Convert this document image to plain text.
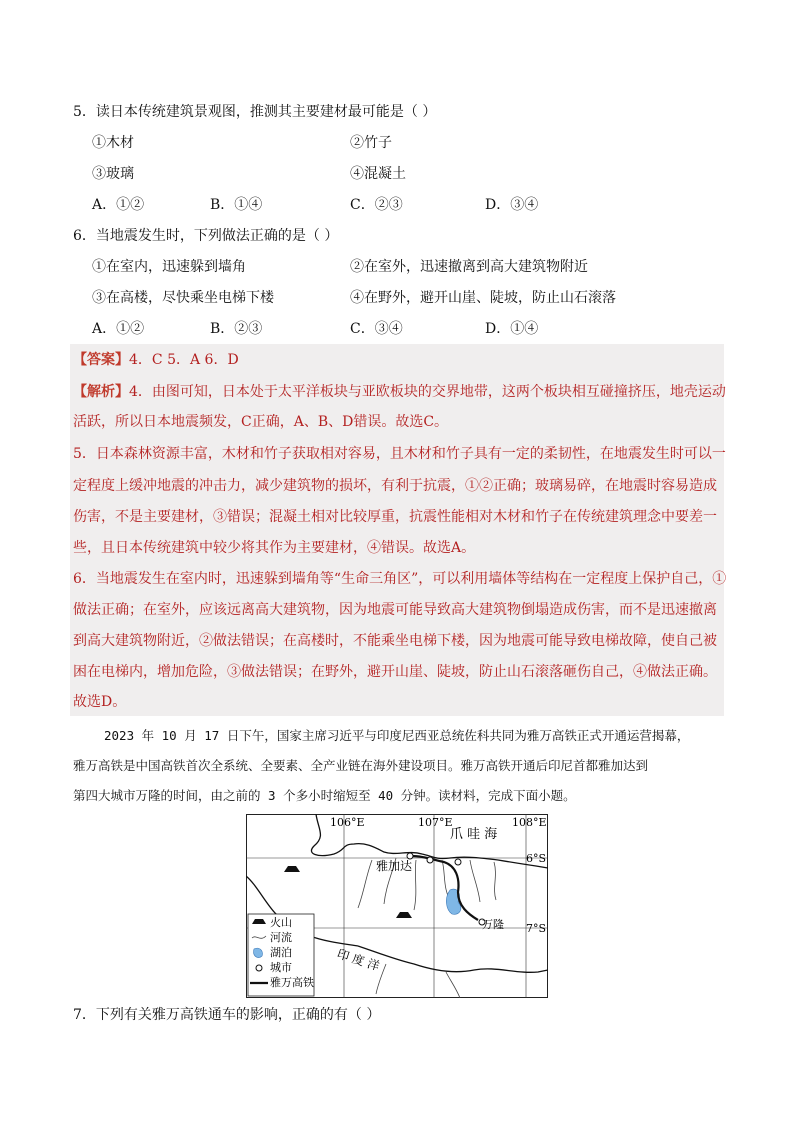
5．读日本传统建筑景观图，推测其主要建材最可能是（ ）
①木材	②竹子
③玻璃	④混凝土
A．①②	B．①④	C．②③	D．③④
6．当地震发生时，下列做法正确的是（ ）
①在室内，迅速躲到墙角	②在室外，迅速撤离到高大建筑物附近
③在高楼，尽快乘坐电梯下楼	④在野外，避开山崖、陡坡，防止山石滚落
A．①②	B．②③	C．③④	D．①④
【答案】4．C 5．A 6．D
【解析】4．由图可知，日本处于太平洋板块与亚欧板块的交界地带，这两个板块相互碰撞挤压，地壳运动
活跃，所以日本地震频发，C正确，A、B、D错误。故选C。
5．日本森林资源丰富，木材和竹子获取相对容易，且木材和竹子具有一定的柔韧性，在地震发生时可以一
定程度上缓冲地震的冲击力，减少建筑物的损坏，有利于抗震，①②正确；玻璃易碎，在地震时容易造成
伤害，不是主要建材，③错误；混凝土相对比较厚重，抗震性能相对木材和竹子在传统建筑理念中要差一
些，且日本传统建筑中较少将其作为主要建材，④错误。故选A。
6．当地震发生在室内时，迅速躲到墙角等“生命三角区”，可以利用墙体等结构在一定程度上保护自己，①
做法正确；在室外，应该远离高大建筑物，因为地震可能导致高大建筑物倒塌造成伤害，而不是迅速撤离
到高大建筑物附近，②做法错误；在高楼时，不能乘坐电梯下楼，因为地震可能导致电梯故障，使自己被
困在电梯内，增加危险，③做法错误；在野外，避开山崖、陡坡，防止山石滚落砸伤自己，④做法正确。
故选D。
2023 年 10 月 17 日下午，国家主席习近平与印度尼西亚总统佐科共同为雅万高铁正式开通运营揭幕，
雅万高铁是中国高铁首次全系统、全要素、全产业链在海外建设项目。雅万高铁开通后印尼首都雅加达到
第四大城市万隆的时间，由之前的 3 个多小时缩短至 40 分钟。读材料，完成下面小题。
106°E	107°E	108°E
6°S
7°S
爪 哇 海
雅加达
万隆
印 度 洋
火山
河流
湖泊
城市
雅万高铁
7．下列有关雅万高铁通车的影响，正确的有（ ）
